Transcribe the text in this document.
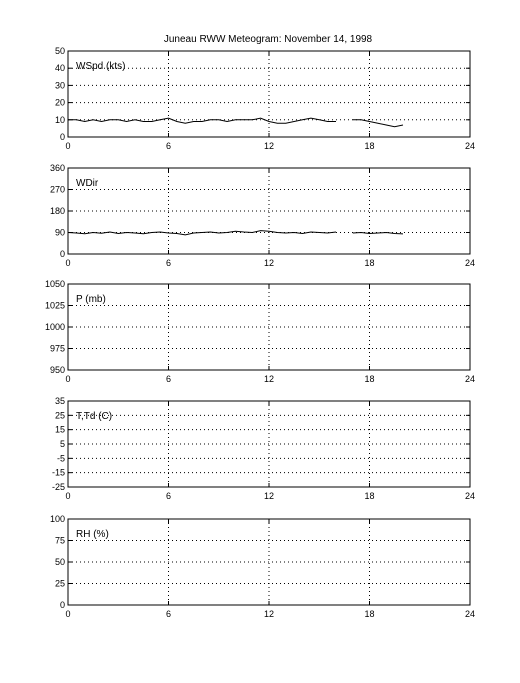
Juneau RWW Meteogram: November 14, 1998
0
10
20
30
40
50
0	6	12	18	24
WSpd (kts)
0
90
180
270
360
0	6	12	18	24
WDir
950
975
1000
1025
1050
0	6	12	18	24
P (mb)
-25
-15
-5
5
15
25
35
0	6	12	18	24
T,Td (C)
0
25
50
75
100
0	6	12	18	24
RH (%)
